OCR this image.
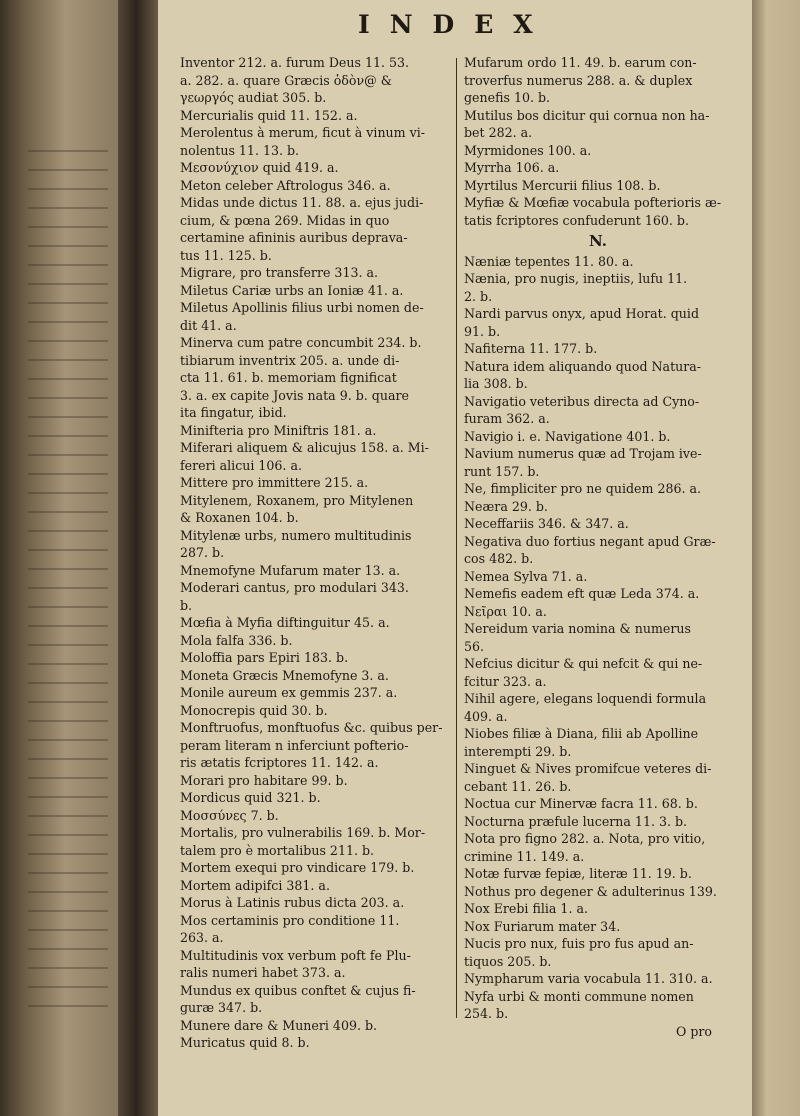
INDEX

Inventor 212. a. furum Deus 11. 53.

a. 282. a. quare Græcis ὁδὸν@ &

γεωργός audiat 305. b.

Mercurialis quid 11. 152. a.

Merolentus à merum, ficut à vinum vi-

nolentus 11. 13. b.

Μεσονύχιον quid 419. a.

Meton celeber Aftrologus 346. a.

Midas unde dictus 11. 88. a. ejus judi-

cium, & pœna 269. Midas in quo

certamine afininis auribus deprava-

tus 11. 125. b.

Migrare, pro transferre 313. a.

Miletus Cariæ urbs an Ioniæ 41. a.

Miletus Apollinis filius urbi nomen de-

dit 41. a.

Minerva cum patre concumbit 234. b.

tibiarum inventrix 205. a. unde di-

cta 11. 61. b. memoriam fignificat

3. a. ex capite Jovis nata 9. b. quare

ita fingatur, ibid.

Minifteria pro Miniftris 181. a.

Miferari aliquem & alicujus 158. a. Mi-

fereri alicui 106. a.

Mittere pro immittere 215. a.

Mitylenem, Roxanem, pro Mitylenen

& Roxanen 104. b.

Mitylenæ urbs, numero multitudinis

287. b.

Mnemofyne Mufarum mater 13. a.

Moderari cantus, pro modulari 343.

b.

Mœfia à Myfia diftinguitur 45. a.

Mola falfa 336. b.

Moloffia pars Epiri 183. b.

Moneta Græcis Mnemofyne 3. a.

Monile aureum ex gemmis 237. a.

Monocrepis quid 30. b.

Monftruofus, monftuofus &c. quibus per-

peram literam n inferciunt pofterio-

ris ætatis fcriptores 11. 142. a.

Morari pro habitare 99. b.

Mordicus quid 321. b.

Μοσσύνες 7. b.

Mortalis, pro vulnerabilis 169. b. Mor-

talem pro è mortalibus 211. b.

Mortem exequi pro vindicare 179. b.

Mortem adipifci 381. a.

Morus à Latinis rubus dicta 203. a.

Mos certaminis pro conditione 11.

263. a.

Multitudinis vox verbum poft fe Plu-

ralis numeri habet 373. a.

Mundus ex quibus conftet & cujus fi-

guræ 347. b.

Munere dare & Muneri 409. b.

Muricatus quid 8. b.

Mufarum ordo 11. 49. b. earum con-

troverfus numerus 288. a. & duplex

genefis 10. b.

Mutilus bos dicitur qui cornua non ha-

bet 282. a.

Myrmidones 100. a.

Myrrha 106. a.

Myrtilus Mercurii filius 108. b.

Myfiæ & Mœfiæ vocabula pofterioris æ-

tatis fcriptores confuderunt 160. b.

N.

Næniæ tepentes 11. 80. a.

Nænia, pro nugis, ineptiis, lufu 11.

2. b.

Nardi parvus onyx, apud Horat. quid

91. b.

Nafiterna 11. 177. b.

Natura idem aliquando quod Natura-

lia 308. b.

Navigatio veteribus directa ad Cyno-

furam 362. a.

Navigio i. e. Navigatione 401. b.

Navium numerus quæ ad Trojam ive-

runt 157. b.

Ne, fimpliciter pro ne quidem 286. a.

Neæra 29. b.

Neceffariis 346. & 347. a.

Negativa duo fortius negant apud Græ-

cos 482. b.

Nemea Sylva 71. a.

Nemefis eadem eft quæ Leda 374. a.

Νεῖραι 10. a.

Nereidum varia nomina & numerus

56.

Nefcius dicitur & qui nefcit & qui ne-

fcitur 323. a.

Nihil agere, elegans loquendi formula

409. a.

Niobes filiæ à Diana, filii ab Apolline

interempti 29. b.

Ninguet & Nives promifcue veteres di-

cebant 11. 26. b.

Noctua cur Minervæ facra 11. 68. b.

Nocturna præfule lucerna 11. 3. b.

Nota pro figno 282. a. Nota, pro vitio,

crimine 11. 149. a.

Notæ furvæ fepiæ, literæ 11. 19. b.

Nothus pro degener & adulterinus 139.

Nox Erebi filia 1. a.

Nox Furiarum mater 34.

Nucis pro nux, fuis pro fus apud an-

tiquos 205. b.

Nympharum varia vocabula 11. 310. a.

Nyfa urbi & monti commune nomen

254. b.

O pro
